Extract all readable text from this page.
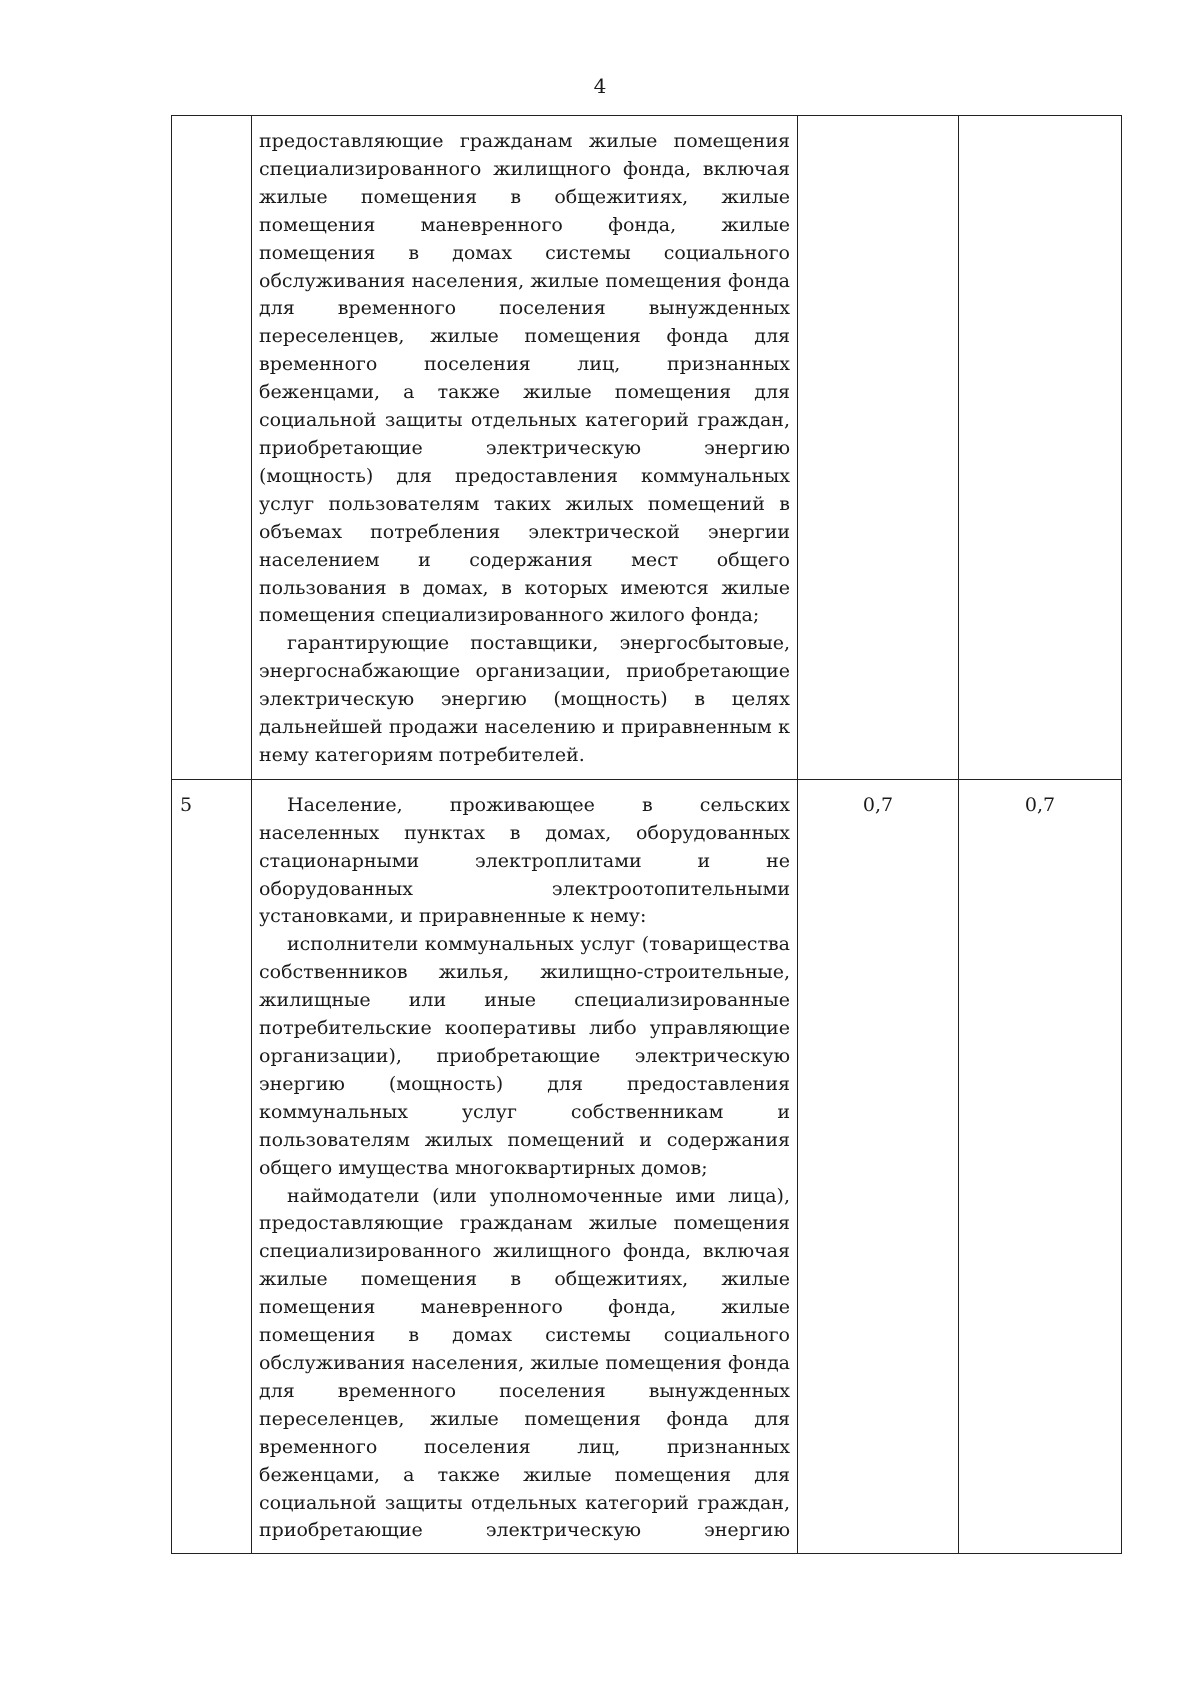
4

	предоставляющие гражданам жилые помещения специализированного жилищного фонда, включая жилые помещения в общежитиях, жилые помещения маневренного фонда, жилые помещения в домах системы социального обслуживания населения, жилые помещения фонда для временного поселения вынужденных переселенцев, жилые помещения фонда для временного поселения лиц, признанных беженцами, а также жилые помещения для социальной защиты отдельных категорий граждан, приобретающие электрическую энергию (мощность) для предоставления коммунальных услуг пользователям таких жилых помещений в объемах потребления электрической энергии населением и содержания мест общего пользования в домах, в которых имеются жилые помещения специализированного жилого фонда;

гарантирующие поставщики, энергосбытовые, энергоснабжающие организации, приобретающие электрическую энергию (мощность) в целях дальнейшей продажи населению и приравненным к нему категориям потребителей.		

5	Население, проживающее в сельских населенных пунктах в домах, оборудованных стационарными электроплитами и не оборудованных электроотопительными установками, и приравненные к нему:

исполнители коммунальных услуг (товарищества собственников жилья, жилищно-строительные, жилищные или иные специализированные потребительские кооперативы либо управляющие организации), приобретающие электрическую энергию (мощность) для предоставления коммунальных услуг собственникам и пользователям жилых помещений и содержания общего имущества многоквартирных домов;

наймодатели (или уполномоченные ими лица), предоставляющие гражданам жилые помещения специализированного жилищного фонда, включая жилые помещения в общежитиях, жилые помещения маневренного фонда, жилые помещения в домах системы социального обслуживания населения, жилые помещения фонда для временного поселения вынужденных переселенцев, жилые помещения фонда для временного поселения лиц, признанных беженцами, а также жилые помещения для социальной защиты отдельных категорий граждан, приобретающие электрическую энергию	0,7	0,7
